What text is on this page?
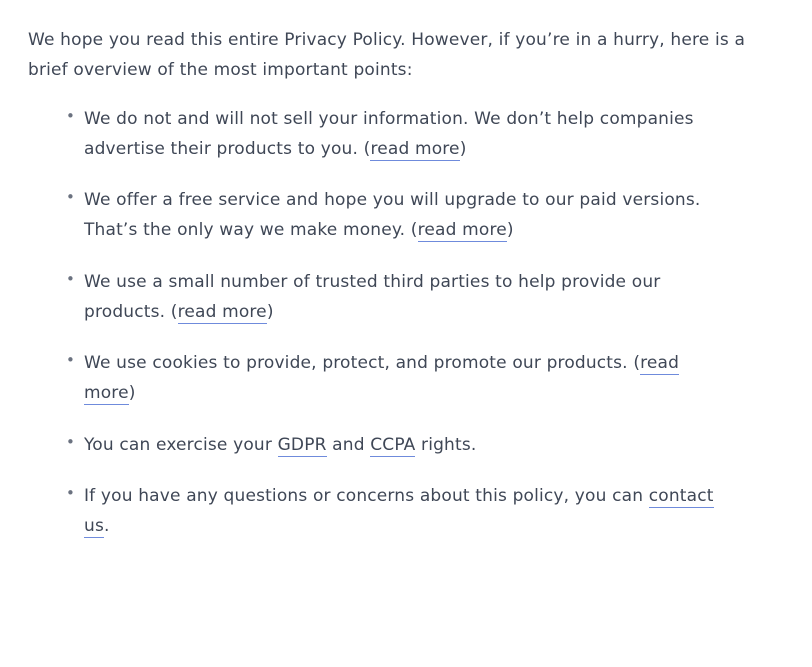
We hope you read this entire Privacy Policy. However, if you’re in a hurry, here is a brief overview of the most important points:

• We do not and will not sell your information. We don’t help companies advertise their products to you. (read more)
• We offer a free service and hope you will upgrade to our paid versions. That’s the only way we make money. (read more)
• We use a small number of trusted third parties to help provide our products. (read more)
• We use cookies to provide, protect, and promote our products. (read more)
• You can exercise your GDPR and CCPA rights.
• If you have any questions or concerns about this policy, you can contact us.
